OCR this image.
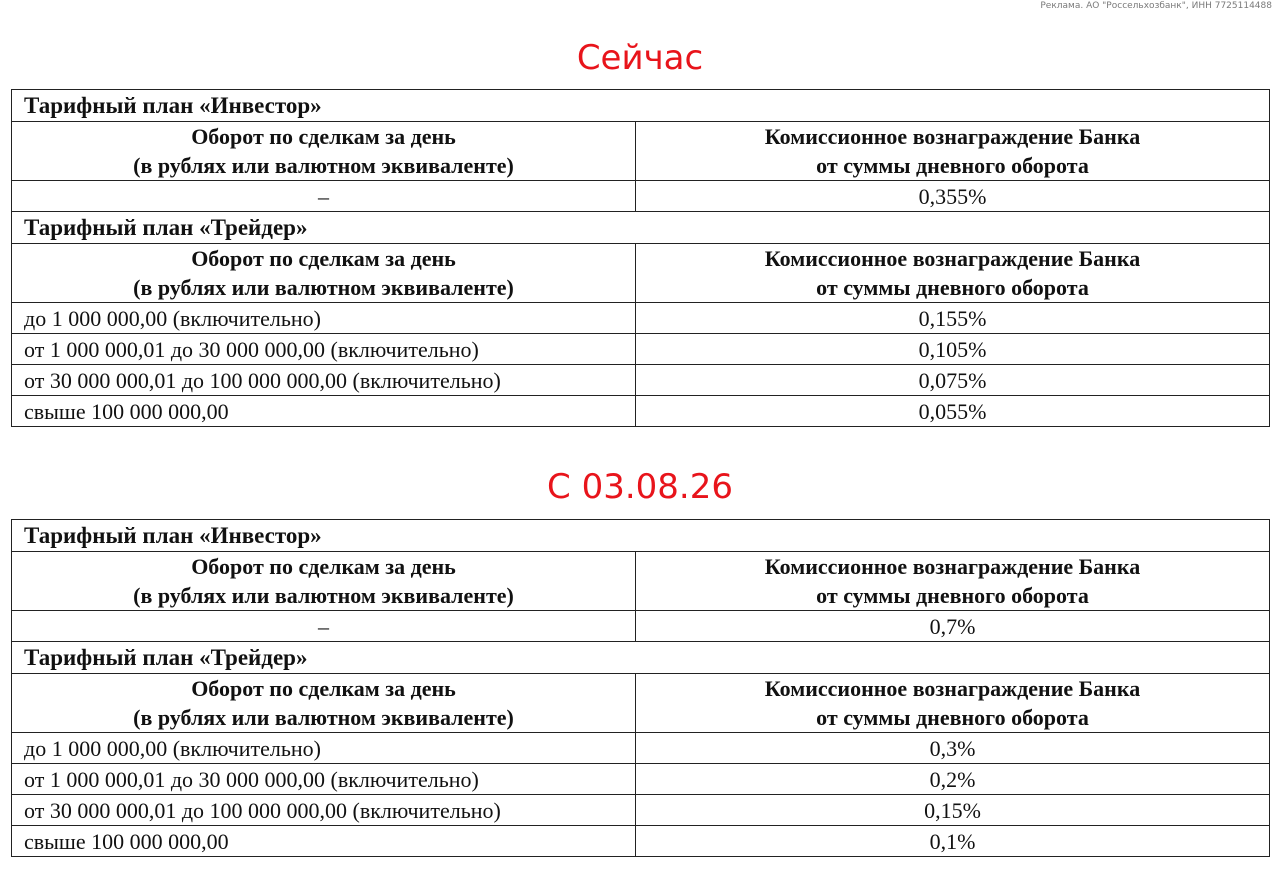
Реклама. АО "Россельхозбанк", ИНН 7725114488
Сейчас
Тарифный план «Инвестор»	

Оборот по сделкам за день
(в рублях или валютном эквиваленте)	Комиссионное вознаграждение Банка
от суммы дневного оборота

–	0,355%
Тарифный план «Трейдер»	

Оборот по сделкам за день
(в рублях или валютном эквиваленте)	Комиссионное вознаграждение Банка
от суммы дневного оборота

до 1 000 000,00 (включительно)	0,155%
от 1 000 000,01 до 30 000 000,00 (включительно)	0,105%
от 30 000 000,01 до 100 000 000,00 (включительно)	0,075%
свыше 100 000 000,00	0,055%
С 03.08.26
Тарифный план «Инвестор»	

Оборот по сделкам за день
(в рублях или валютном эквиваленте)	Комиссионное вознаграждение Банка
от суммы дневного оборота

–	0,7%
Тарифный план «Трейдер»	

Оборот по сделкам за день
(в рублях или валютном эквиваленте)	Комиссионное вознаграждение Банка
от суммы дневного оборота

до 1 000 000,00 (включительно)	0,3%
от 1 000 000,01 до 30 000 000,00 (включительно)	0,2%
от 30 000 000,01 до 100 000 000,00 (включительно)	0,15%
свыше 100 000 000,00	0,1%
